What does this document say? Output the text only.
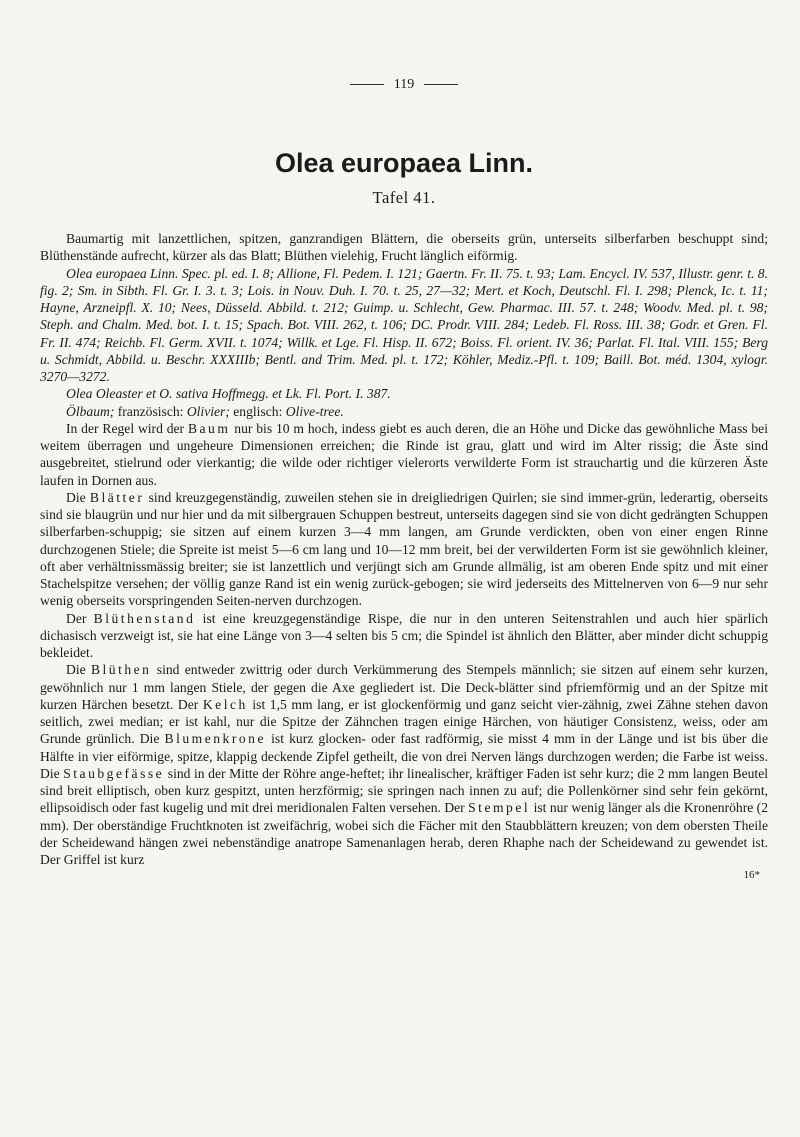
119
Olea europaea Linn.
Tafel 41.

Baumartig mit lanzettlichen, spitzen, ganzrandigen Blättern, die oberseits grün, unterseits silberfarben beschuppt sind; Blüthenstände aufrecht, kürzer als das Blatt; Blüthen vielehig, Frucht länglich eiförmig.

Olea europaea Linn. Spec. pl. ed. I. 8; Allione, Fl. Pedem. I. 121; Gaertn. Fr. II. 75. t. 93; Lam. Encycl. IV. 537, Illustr. genr. t. 8. fig. 2; Sm. in Sibth. Fl. Gr. I. 3. t. 3; Lois. in Nouv. Duh. I. 70. t. 25, 27—32; Mert. et Koch, Deutschl. Fl. I. 298; Plenck, Ic. t. 11; Hayne, Arzneipfl. X. 10; Nees, Düsseld. Abbild. t. 212; Guimp. u. Schlecht, Gew. Pharmac. III. 57. t. 248; Woodv. Med. pl. t. 98; Steph. and Chalm. Med. bot. I. t. 15; Spach. Bot. VIII. 262, t. 106; DC. Prodr. VIII. 284; Ledeb. Fl. Ross. III. 38; Godr. et Gren. Fl. Fr. II. 474; Reichb. Fl. Germ. XVII. t. 1074; Willk. et Lge. Fl. Hisp. II. 672; Boiss. Fl. orient. IV. 36; Parlat. Fl. Ital. VIII. 155; Berg u. Schmidt, Abbild. u. Beschr. XXXIIIb; Bentl. and Trim. Med. pl. t. 172; Köhler, Mediz.-Pfl. t. 109; Baill. Bot. méd. 1304, xylogr. 3270—3272.

Olea Oleaster et O. sativa Hoffmegg. et Lk. Fl. Port. I. 387.

Ölbaum; französisch: Olivier; englisch: Olive-tree.

In der Regel wird der Baum nur bis 10 m hoch, indess giebt es auch deren, die an Höhe und Dicke das gewöhnliche Mass bei weitem überragen und ungeheure Dimensionen erreichen; die Rinde ist grau, glatt und wird im Alter rissig; die Äste sind ausgebreitet, stielrund oder vierkantig; die wilde oder richtiger vielerorts verwilderte Form ist strauchartig und die kürzeren Äste laufen in Dornen aus.

Die Blätter sind kreuzgegenständig, zuweilen stehen sie in dreigliedrigen Quirlen; sie sind immer-grün, lederartig, oberseits sind sie blaugrün und nur hier und da mit silbergrauen Schuppen bestreut, unterseits dagegen sind sie von dicht gedrängten Schuppen silberfarben-schuppig; sie sitzen auf einem kurzen 3—4 mm langen, am Grunde verdickten, oben von einer engen Rinne durchzogenen Stiele; die Spreite ist meist 5—6 cm lang und 10—12 mm breit, bei der verwilderten Form ist sie gewöhnlich kleiner, oft aber verhältnissmässig breiter; sie ist lanzettlich und verjüngt sich am Grunde allmälig, ist am oberen Ende spitz und mit einer Stachelspitze versehen; der völlig ganze Rand ist ein wenig zurück-gebogen; sie wird jederseits des Mittelnerven von 6—9 nur sehr wenig oberseits vorspringenden Seiten-nerven durchzogen.

Der Blüthenstand ist eine kreuzgegenständige Rispe, die nur in den unteren Seitenstrahlen und auch hier spärlich dichasisch verzweigt ist, sie hat eine Länge von 3—4 selten bis 5 cm; die Spindel ist ähnlich den Blätter, aber minder dicht schuppig bekleidet.

Die Blüthen sind entweder zwittrig oder durch Verkümmerung des Stempels männlich; sie sitzen auf einem sehr kurzen, gewöhnlich nur 1 mm langen Stiele, der gegen die Axe gegliedert ist. Die Deck-blätter sind pfriemförmig und an der Spitze mit kurzen Härchen besetzt. Der Kelch ist 1,5 mm lang, er ist glockenförmig und ganz seicht vier-zähnig, zwei Zähne stehen davon seitlich, zwei median; er ist kahl, nur die Spitze der Zähnchen tragen einige Härchen, von häutiger Consistenz, weiss, oder am Grunde grünlich. Die Blumenkrone ist kurz glocken- oder fast radförmig, sie misst 4 mm in der Länge und ist bis über die Hälfte in vier eiförmige, spitze, klappig deckende Zipfel getheilt, die von drei Nerven längs durchzogen werden; die Farbe ist weiss. Die Staubgefässe sind in der Mitte der Röhre ange-heftet; ihr linealischer, kräftiger Faden ist sehr kurz; die 2 mm langen Beutel sind breit elliptisch, oben kurz gespitzt, unten herzförmig; sie springen nach innen zu auf; die Pollenkörner sind sehr fein gekörnt, ellipsoidisch oder fast kugelig und mit drei meridionalen Falten versehen. Der Stempel ist nur wenig länger als die Kronenröhre (2 mm). Der oberständige Fruchtknoten ist zweifächrig, wobei sich die Fächer mit den Staubblättern kreuzen; von dem obersten Theile der Scheidewand hängen zwei nebenständige anatrope Samenanlagen herab, deren Rhaphe nach der Scheidewand zu gewendet ist. Der Griffel ist kurz

16*
